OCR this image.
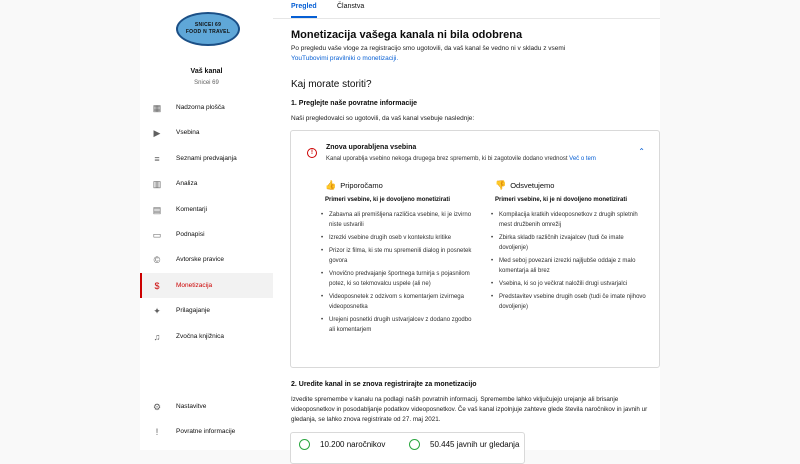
SNICEI 69
FOOD N TRAVEL
Vaš kanal
Snicei 69
▦ Nadzorna plošča
▶ Vsebina
≡	Seznami predvajanja
▥ Analiza
▤ Komentarji
▭ Podnapisi
© Avtorske pravice
$	Monetizacija
✦ Prilagajanje
♫ Zvočna knjižnica
⚙ Nastavitve
!	Povratne informacije
Pregled	Članstva
Monetizacija vašega kanala ni bila odobrena
Po pregledu vaše vloge za registracijo smo ugotovili, da vaš kanal še vedno ni v skladu z vsemi
YouTubovimi pravilniki o monetizaciji.
Kaj morate storiti?
1. Preglejte naše povratne informacije
Naši pregledovalci so ugotovili, da vaš kanal vsebuje naslednje:
!
Znova uporabljena vsebina
Kanal uporablja vsebino nekoga drugega brez sprememb, ki bi zagotovile dodano vrednost Več o tem
⌃
👍 Priporočamo
Primeri vsebine, ki je dovoljeno monetizirati
• Zabavna ali premišljena različica vsebine, ki je izvirno niste ustvarili
• Izrezki vsebine drugih oseb v kontekstu kritike
• Prizor iz filma, ki ste mu spremenili dialog in posnetek govora
• Vnovično predvajanje športnega turnirja s pojasnilom potez, ki so tekmovalcu uspele (ali ne)
• Videoposnetek z odzivom s komentarjem izvirnega videoposnetka
• Urejeni posnetki drugih ustvarjalcev z dodano zgodbo ali komentarjem
👎 Odsvetujemo
Primeri vsebine, ki je ni dovoljeno monetizirati
• Kompilacija kratkih videoposnetkov z drugih spletnih mest družbenih omrežij
• Zbirka skladb različnih izvajalcev (tudi če imate dovoljenje)
• Med seboj povezani izrezki najljubše oddaje z malo komentarja ali brez
• Vsebina, ki so jo večkrat naložili drugi ustvarjalci
• Predstavitev vsebine drugih oseb (tudi če imate njihovo dovoljenje)
2. Uredite kanal in se znova registrirajte za monetizacijo
Izvedite spremembe v kanalu na podlagi naših povratnih informacij. Spremembe lahko vključujejo urejanje ali brisanje videoposnetkov in posodabljanje podatkov videoposnetkov. Če vaš kanal izpolnjuje zahteve glede števila naročnikov in javnih ur gledanja, se lahko znova registrirate od 27. maj 2021.
10.200 naročnikov	50.445 javnih ur gledanja
